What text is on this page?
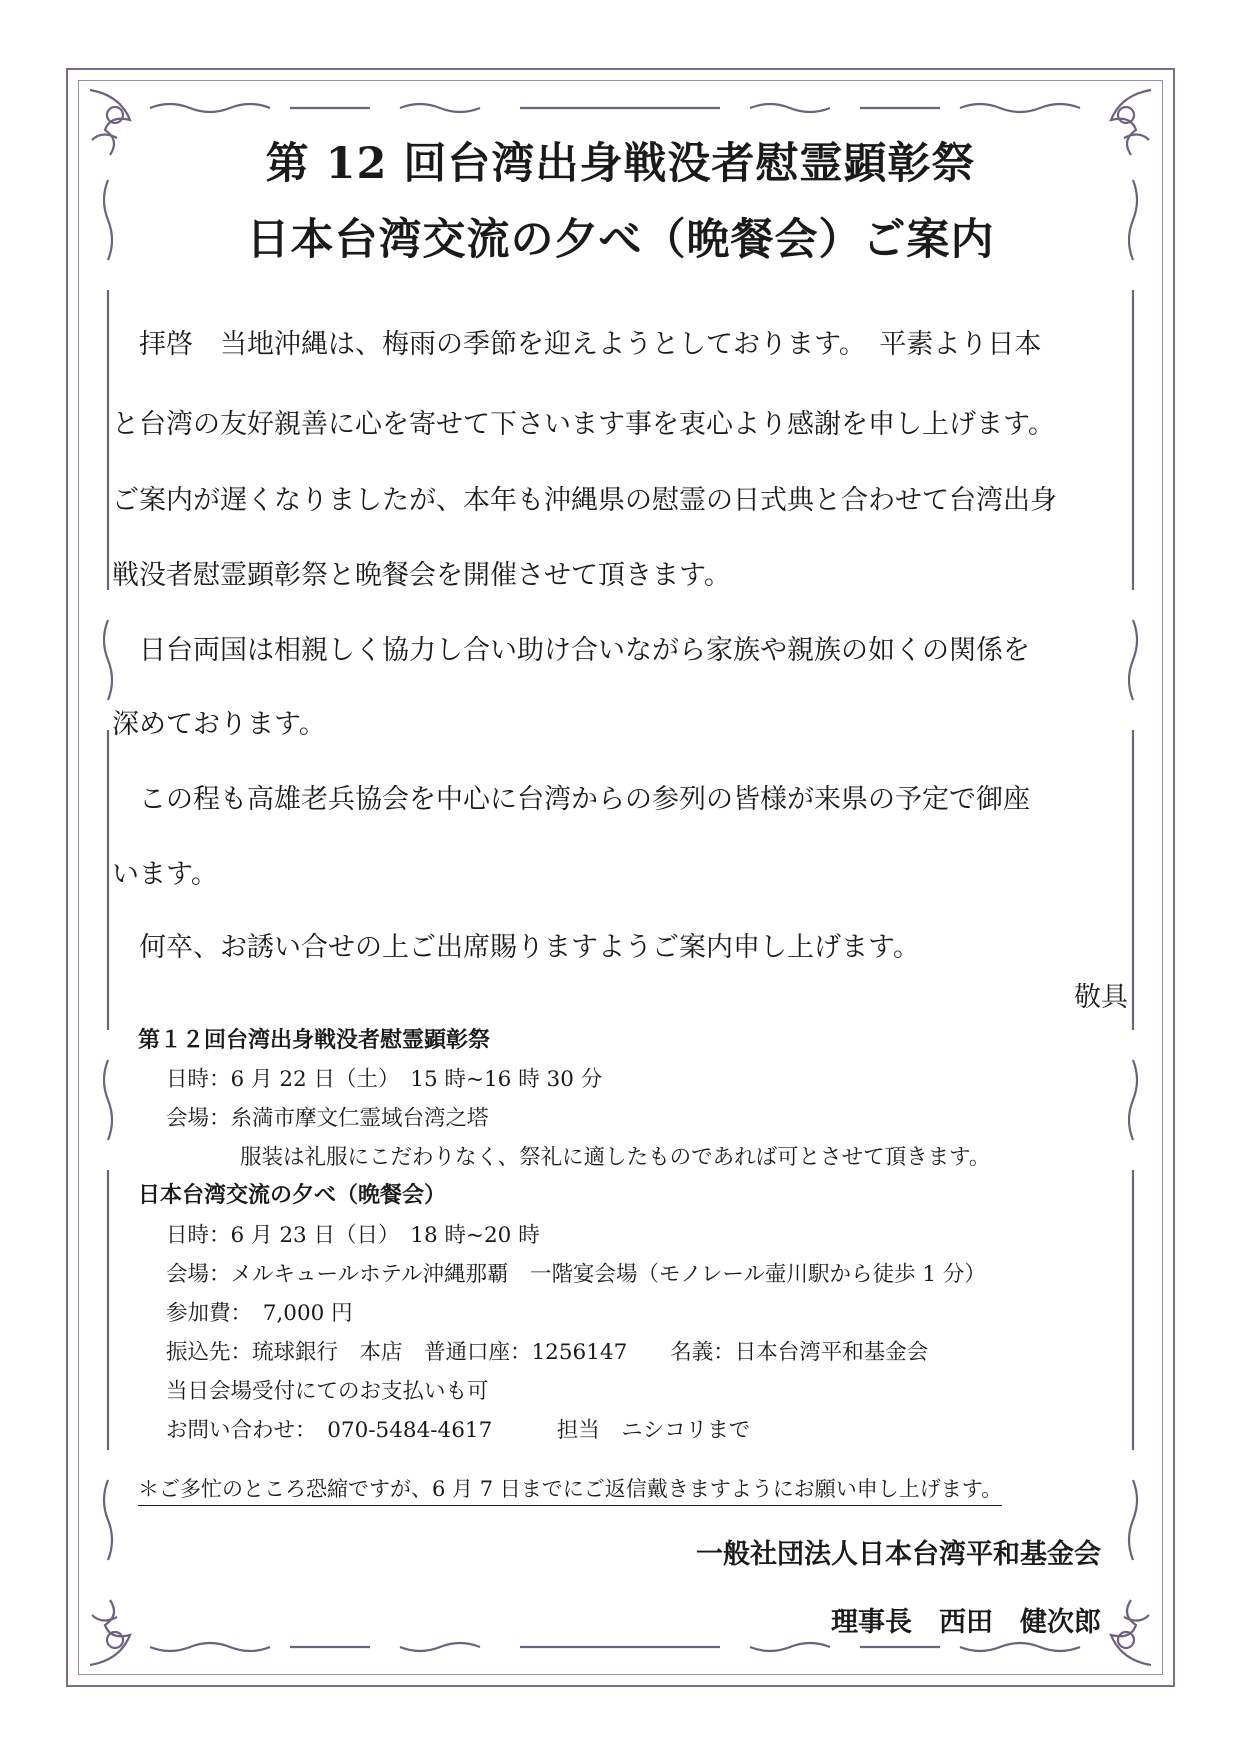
第 12 回台湾出身戦没者慰霊顕彰祭
日本台湾交流の夕べ（晩餐会）ご案内
　拝啓　当地沖縄は、梅雨の季節を迎えようとしております。　平素より日本
と台湾の友好親善に心を寄せて下さいます事を衷心より感謝を申し上げます。
ご案内が遅くなりましたが、本年も沖縄県の慰霊の日式典と合わせて台湾出身
戦没者慰霊顕彰祭と晩餐会を開催させて頂きます。
　日台両国は相親しく協力し合い助け合いながら家族や親族の如くの関係を
深めております。
　この程も高雄老兵協会を中心に台湾からの参列の皆様が来県の予定で御座
います。
　何卒、お誘い合せの上ご出席賜りますようご案内申し上げます。
敬具
第１２回台湾出身戦没者慰霊顕彰祭
日時：6 月 22 日（土）　15 時~16 時 30 分
会場：糸満市摩文仁霊域台湾之塔
服装は礼服にこだわりなく、祭礼に適したものであれば可とさせて頂きます。
日本台湾交流の夕べ（晩餐会）
日時：6 月 23 日（日）　18 時~20 時
会場：メルキュールホテル沖縄那覇　一階宴会場（モノレール壷川駅から徒歩 1 分）
参加費：　7,000 円
振込先：琉球銀行　本店　普通口座：1256147　　名義：日本台湾平和基金会
当日会場受付にてのお支払いも可
お問い合わせ：　070-5484-4617　　　担当　ニシコリまで
＊ご多忙のところ恐縮ですが、6 月 7 日までにご返信戴きますようにお願い申し上げます。
一般社団法人日本台湾平和基金会
理事長　西田　健次郎
